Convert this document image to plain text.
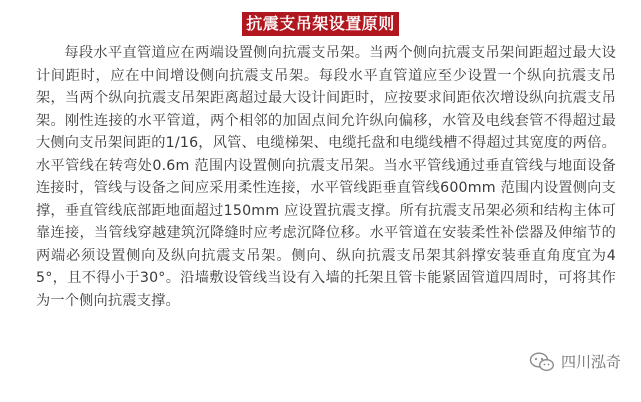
抗震支吊架设置原则

每段水平直管道应在两端设置侧向抗震支吊架。当两个侧向抗震支吊架间距超过最大设计间距时，应在中间增设侧向抗震支吊架。每段水平直管道应至少设置一个纵向抗震支吊架，当两个纵向抗震支吊架距离超过最大设计间距时，应按要求间距依次增设纵向抗震支吊架。刚性连接的水平管道，两个相邻的加固点间允许纵向偏移，水管及电线套管不得超过最大侧向支吊架间距的1/16，风管、电缆梯架、电缆托盘和电缆线槽不得超过其宽度的两倍。水平管线在转弯处0.6m 范围内设置侧向抗震支吊架。当水平管线通过垂直管线与地面设备连接时，管线与设备之间应采用柔性连接，水平管线距垂直管线600mm 范围内设置侧向支撑，垂直管线底部距地面超过150mm 应设置抗震支撑。所有抗震支吊架必须和结构主体可靠连接，当管线穿越建筑沉降缝时应考虑沉降位移。水平管道在安装柔性补偿器及伸缩节的两端必须设置侧向及纵向抗震支吊架。侧向、纵向抗震支吊架其斜撑安装垂直角度宜为45°，且不得小于30°。沿墙敷设管线当设有入墙的托架且管卡能紧固管道四周时，可将其作为一个侧向抗震支撑。

四川泓奇
